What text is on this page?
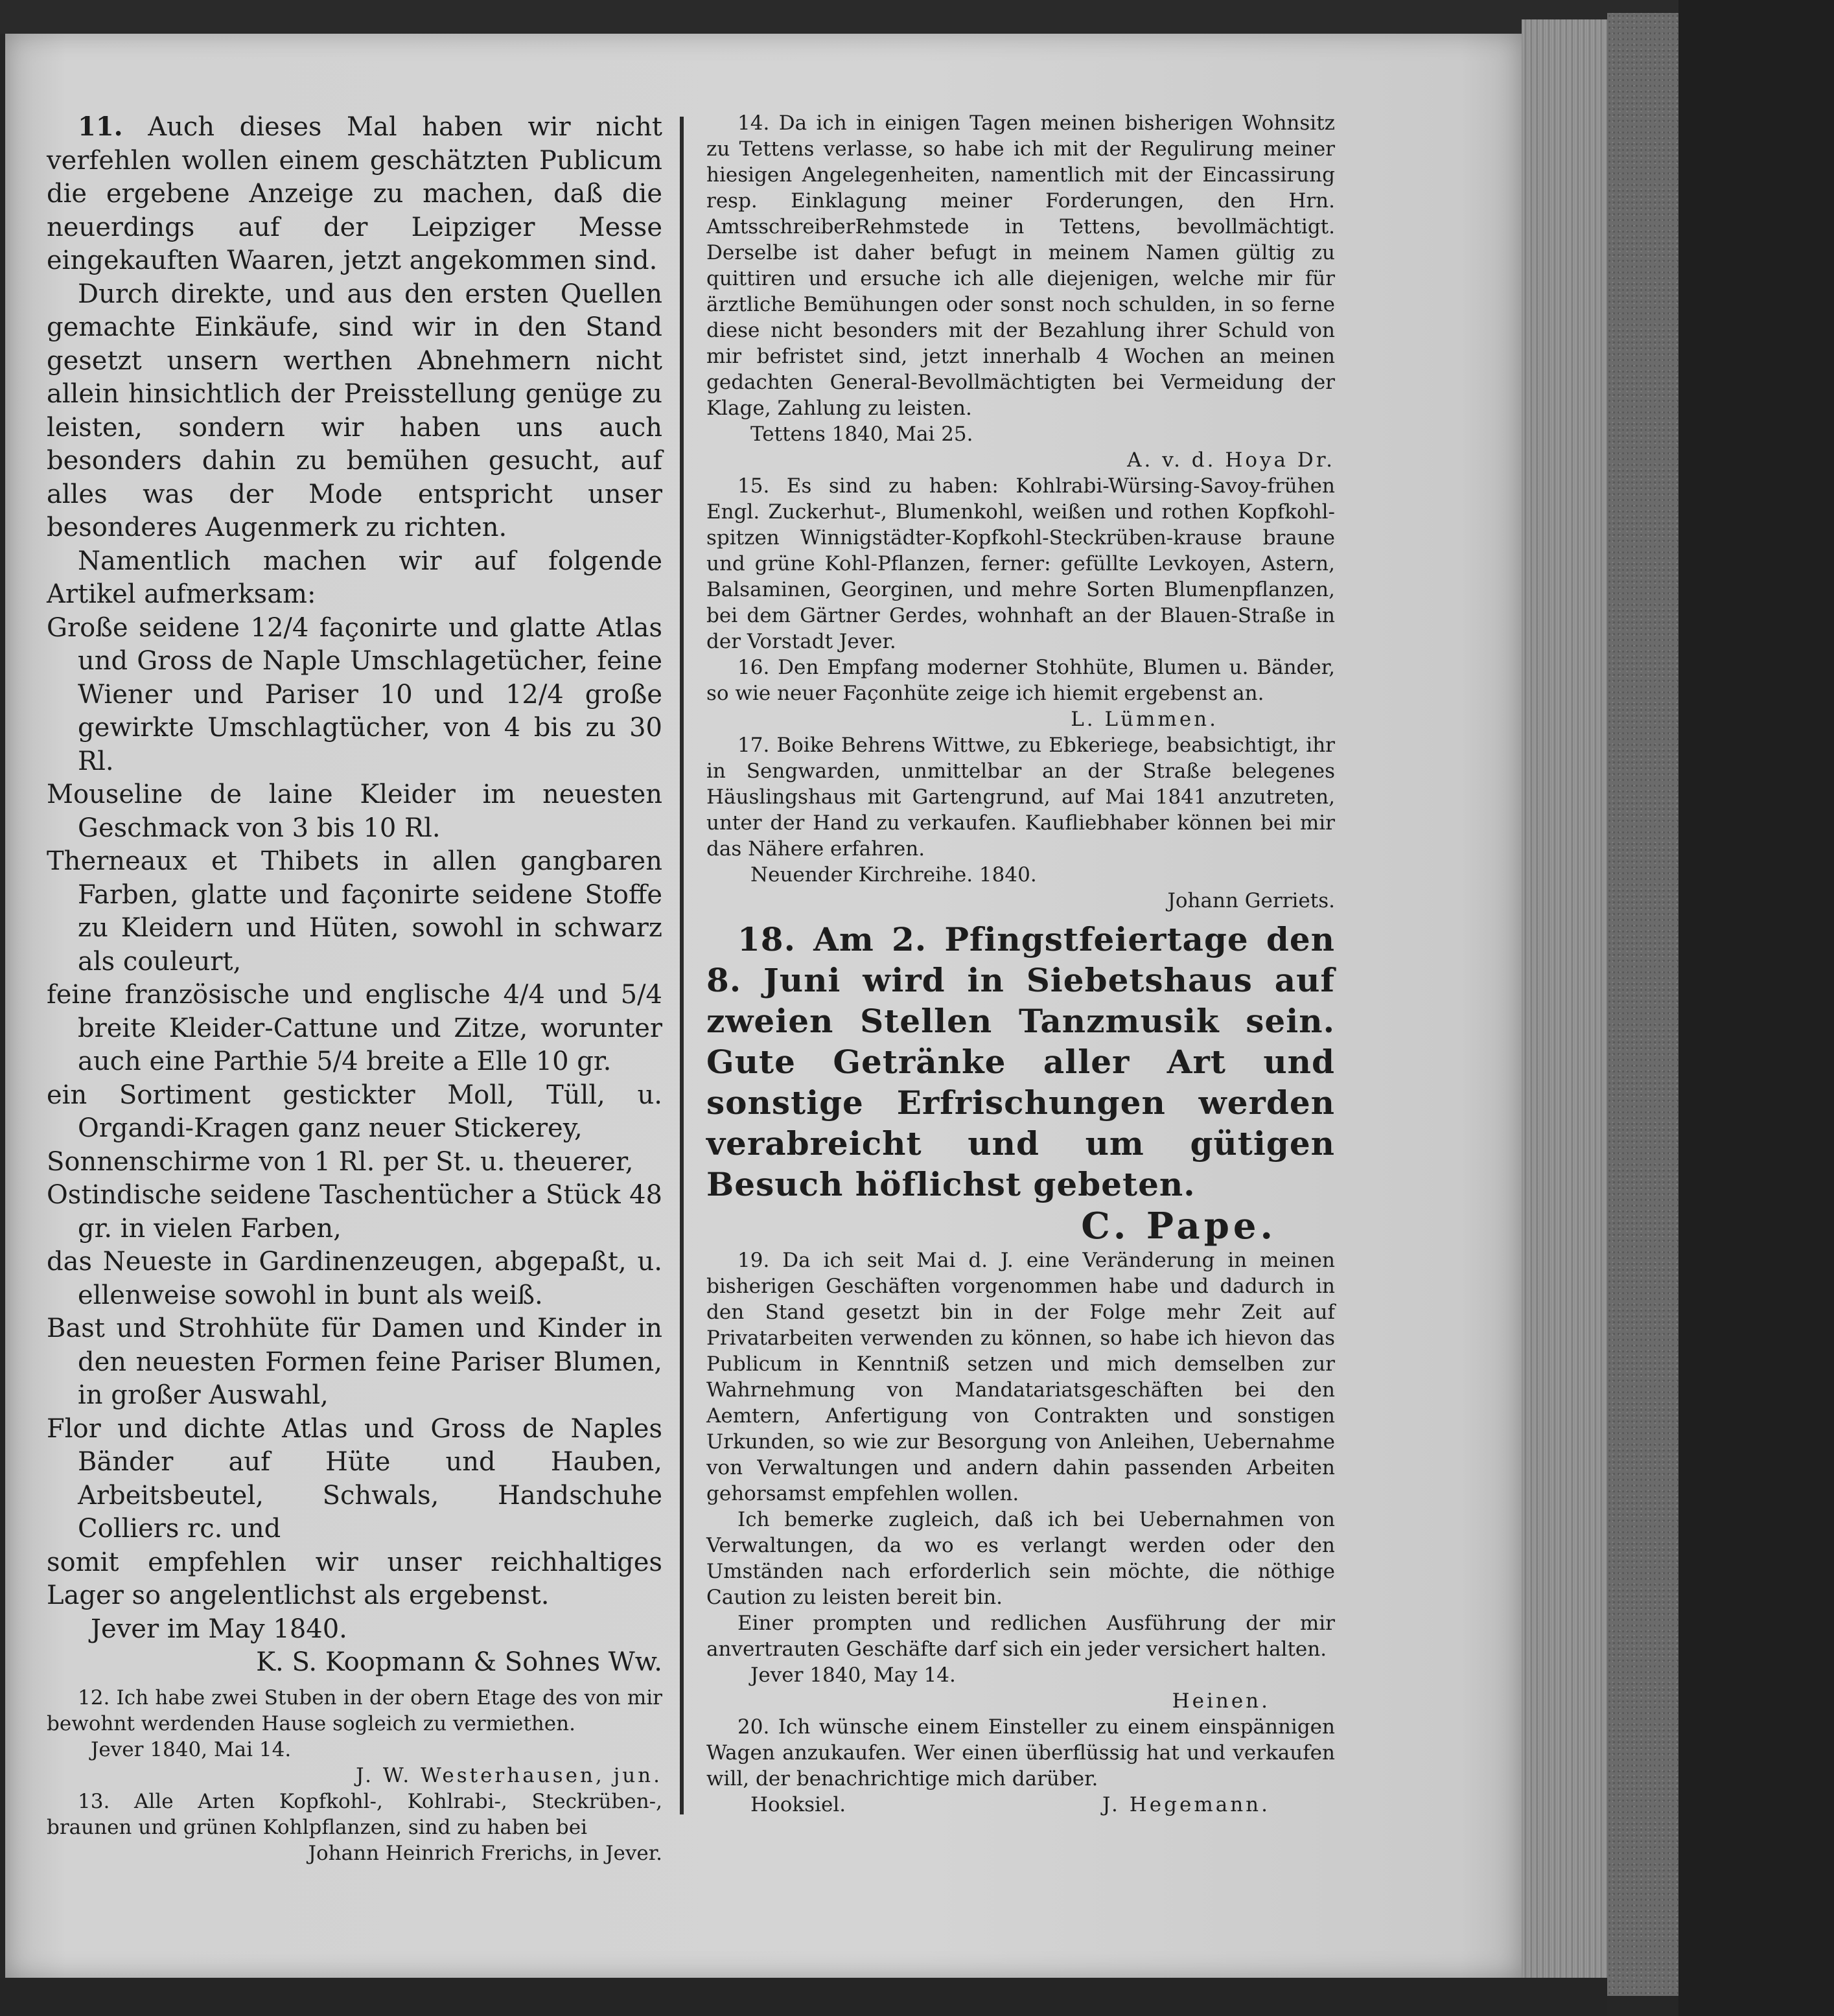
11. Auch dieses Mal haben wir nicht verfehlen wollen einem geschätzten Publicum die ergebene Anzeige zu machen, daß die neuerdings auf der Leipziger Messe eingekauften Waaren, jetzt angekommen sind.

Durch direkte, und aus den ersten Quellen gemachte Einkäufe, sind wir in den Stand gesetzt unsern werthen Abnehmern nicht allein hinsichtlich der Preisstellung genüge zu leisten, sondern wir haben uns auch besonders dahin zu bemühen gesucht, auf alles was der Mode entspricht unser besonderes Augenmerk zu richten.

Namentlich machen wir auf folgende Artikel aufmerksam:

Große seidene 12/4 façonirte und glatte Atlas und Gross de Naple Umschlagetücher, feine Wiener und Pariser 10 und 12/4 große gewirkte Umschlagtücher, von 4 bis zu 30 Rl.

Mouseline de laine Kleider im neuesten Geschmack von 3 bis 10 Rl.

Therneaux et Thibets in allen gangbaren Farben, glatte und façonirte seidene Stoffe zu Kleidern und Hüten, sowohl in schwarz als couleurt,

feine französische und englische 4/4 und 5/4 breite Kleider-Cattune und Zitze, worunter auch eine Parthie 5/4 breite a Elle 10 gr.

ein Sortiment gestickter Moll, Tüll, u. Organdi-Kragen ganz neuer Stickerey,

Sonnenschirme von 1 Rl. per St. u. theuerer,

Ostindische seidene Taschentücher a Stück 48 gr. in vielen Farben,

das Neueste in Gardinenzeugen, abgepaßt, u. ellenweise sowohl in bunt als weiß.

Bast und Strohhüte für Damen und Kinder in den neuesten Formen feine Pariser Blumen, in großer Auswahl,

Flor und dichte Atlas und Gross de Naples Bänder auf Hüte und Hauben, Arbeitsbeutel, Schwals, Handschuhe Colliers rc. und

somit empfehlen wir unser reichhaltiges Lager so angelentlichst als ergebenst.

Jever im May 1840.

K. S. Koopmann & Sohnes Ww.

12. Ich habe zwei Stuben in der obern Etage des von mir bewohnt werdenden Hause sogleich zu vermiethen.

Jever 1840, Mai 14.

J. W. Westerhausen, jun.

13. Alle Arten Kopfkohl-, Kohlrabi-, Steckrüben-, braunen und grünen Kohlpflanzen, sind zu haben bei

Johann Heinrich Frerichs, in Jever.

14. Da ich in einigen Tagen meinen bisherigen Wohnsitz zu Tettens verlasse, so habe ich mit der Regulirung meiner hiesigen Angelegenheiten, namentlich mit der Eincassirung resp. Einklagung meiner Forderungen, den Hrn. AmtsschreiberRehmstede in Tettens, bevollmächtigt. Derselbe ist daher befugt in meinem Namen gültig zu quittiren und ersuche ich alle diejenigen, welche mir für ärztliche Bemühungen oder sonst noch schulden, in so ferne diese nicht besonders mit der Bezahlung ihrer Schuld von mir befristet sind, jetzt innerhalb 4 Wochen an meinen gedachten General-Bevollmächtigten bei Vermeidung der Klage, Zahlung zu leisten.

Tettens 1840, Mai 25.

A. v. d. Hoya Dr.

15. Es sind zu haben: Kohlrabi-Würsing-Savoy-frühen Engl. Zuckerhut-, Blumenkohl, weißen und rothen Kopfkohl- spitzen Winnigstädter-Kopfkohl-Steckrüben-krause braune und grüne Kohl-Pflanzen, ferner: gefüllte Levkoyen, Astern, Balsaminen, Georginen, und mehre Sorten Blumenpflanzen, bei dem Gärtner Gerdes, wohnhaft an der Blauen-Straße in der Vorstadt Jever.

16. Den Empfang moderner Stohhüte, Blumen u. Bänder, so wie neuer Façonhüte zeige ich hiemit ergebenst an.

L. Lümmen.

17. Boike Behrens Wittwe, zu Ebkeriege, beabsichtigt, ihr in Sengwarden, unmittelbar an der Straße belegenes Häuslingshaus mit Gartengrund, auf Mai 1841 anzutreten, unter der Hand zu verkaufen. Kaufliebhaber können bei mir das Nähere erfahren.

Neuender Kirchreihe. 1840.

Johann Gerriets.

18. Am 2. Pfingstfeiertage den 8. Juni wird in Siebetshaus auf zweien Stellen Tanzmusik sein. Gute Getränke aller Art und sonstige Erfrischungen werden verabreicht und um gütigen Besuch höflichst gebeten.

C. Pape.

19. Da ich seit Mai d. J. eine Veränderung in meinen bisherigen Geschäften vorgenommen habe und dadurch in den Stand gesetzt bin in der Folge mehr Zeit auf Privatarbeiten verwenden zu können, so habe ich hievon das Publicum in Kenntniß setzen und mich demselben zur Wahrnehmung von Mandatariatsgeschäften bei den Aemtern, Anfertigung von Contrakten und sonstigen Urkunden, so wie zur Besorgung von Anleihen, Uebernahme von Verwaltungen und andern dahin passenden Arbeiten gehorsamst empfehlen wollen.

Ich bemerke zugleich, daß ich bei Uebernahmen von Verwaltungen, da wo es verlangt werden oder den Umständen nach erforderlich sein möchte, die nöthige Caution zu leisten bereit bin.

Einer prompten und redlichen Ausführung der mir anvertrauten Geschäfte darf sich ein jeder versichert halten.

Jever 1840, May 14.

Heinen.

20. Ich wünsche einem Einsteller zu einem einspännigen Wagen anzukaufen. Wer einen überflüssig hat und verkaufen will, der benachrichtige mich darüber.

Hooksiel.	J. Hegemann.
